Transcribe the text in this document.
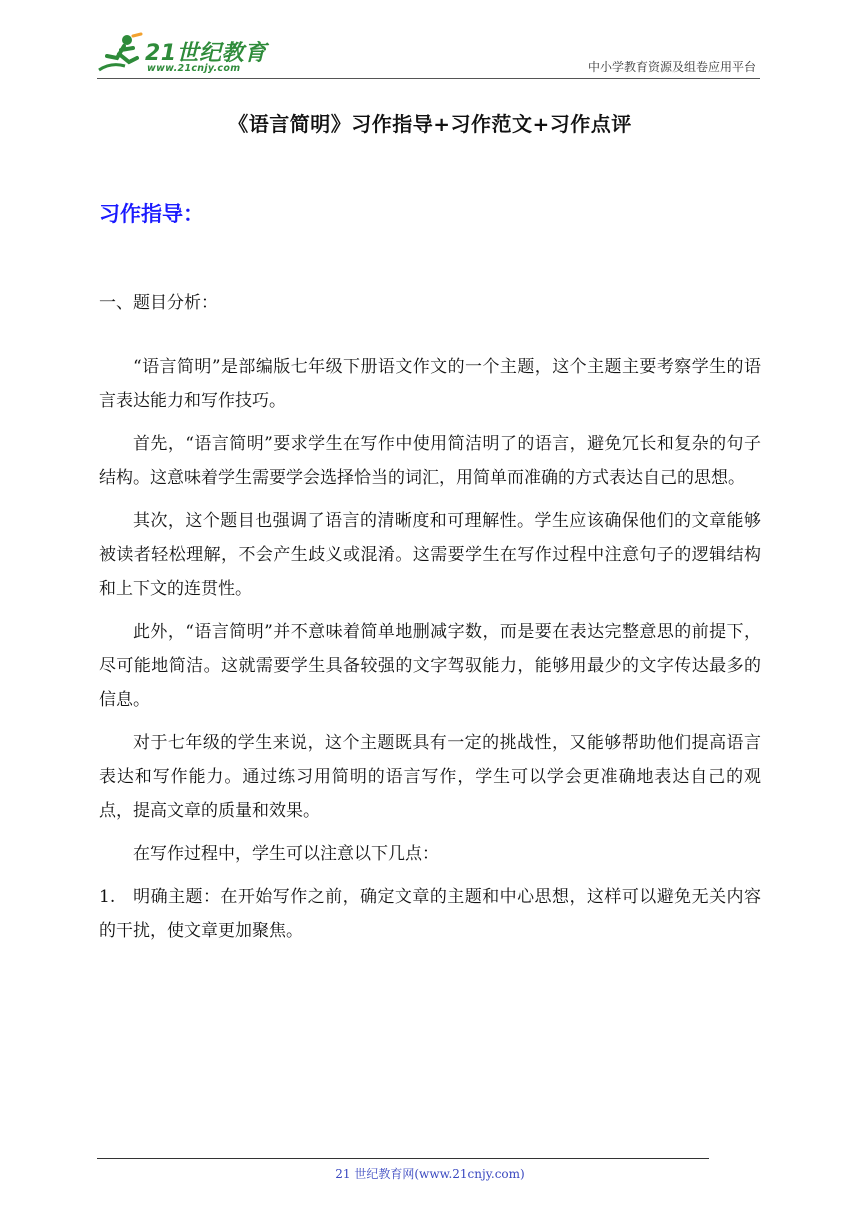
21世纪教育
www.21cnjy.com	中小学教育资源及组卷应用平台
《语言简明》习作指导+习作范文+习作点评
习作指导：
一、题目分析：

“语言简明”是部编版七年级下册语文作文的一个主题，这个主题主要考察学生的语言表达能力和写作技巧。

首先，“语言简明”要求学生在写作中使用简洁明了的语言，避免冗长和复杂的句子结构。这意味着学生需要学会选择恰当的词汇，用简单而准确的方式表达自己的思想。

其次，这个题目也强调了语言的清晰度和可理解性。学生应该确保他们的文章能够被读者轻松理解，不会产生歧义或混淆。这需要学生在写作过程中注意句子的逻辑结构和上下文的连贯性。

此外，“语言简明”并不意味着简单地删减字数，而是要在表达完整意思的前提下，尽可能地简洁。这就需要学生具备较强的文字驾驭能力，能够用最少的文字传达最多的信息。

对于七年级的学生来说，这个主题既具有一定的挑战性，又能够帮助他们提高语言表达和写作能力。通过练习用简明的语言写作，学生可以学会更准确地表达自己的观点，提高文章的质量和效果。

在写作过程中，学生可以注意以下几点：

1.　明确主题：在开始写作之前，确定文章的主题和中心思想，这样可以避免无关内容的干扰，使文章更加聚焦。

21 世纪教育网(www.21cnjy.com)
